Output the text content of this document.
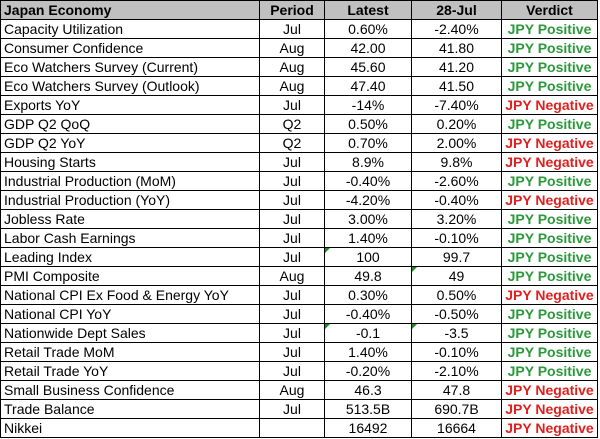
Japan Economy	Period	Latest	28-Jul	Verdict
Capacity Utilization	Jul	0.60%	-2.40%	JPY Positive
Consumer Confidence	Aug	42.00	41.80	JPY Positive
Eco Watchers Survey (Current)	Aug	45.60	41.20	JPY Positive
Eco Watchers Survey (Outlook)	Aug	47.40	41.50	JPY Positive
Exports YoY	Jul	-14%	-7.40%	JPY Negative
GDP Q2 QoQ	Q2	0.50%	0.20%	JPY Positive
GDP Q2 YoY	Q2	0.70%	2.00%	JPY Negative
Housing Starts	Jul	8.9%	9.8%	JPY Negative
Industrial Production (MoM)	Jul	-0.40%	-2.60%	JPY Positive
Industrial Production (YoY)	Jul	-4.20%	-0.40%	JPY Negative
Jobless Rate	Jul	3.00%	3.20%	JPY Positive
Labor Cash Earnings	Jul	1.40%	-0.10%	JPY Positive
Leading Index	Jul	100	99.7	JPY Positive
PMI Composite	Aug	49.8	49	JPY Positive
National CPI Ex Food & Energy YoY	Jul	0.30%	0.50%	JPY Negative
National CPI YoY	Jul	-0.40%	-0.50%	JPY Positive
Nationwide Dept Sales	Jul	-0.1	-3.5	JPY Positive
Retail Trade MoM	Jul	1.40%	-0.10%	JPY Positive
Retail Trade YoY	Jul	-0.20%	-2.10%	JPY Positive
Small Business Confidence	Aug	46.3	47.8	JPY Negative
Trade Balance	Jul	513.5B	690.7B	JPY Negative
Nikkei		16492	16664	JPY Negative
